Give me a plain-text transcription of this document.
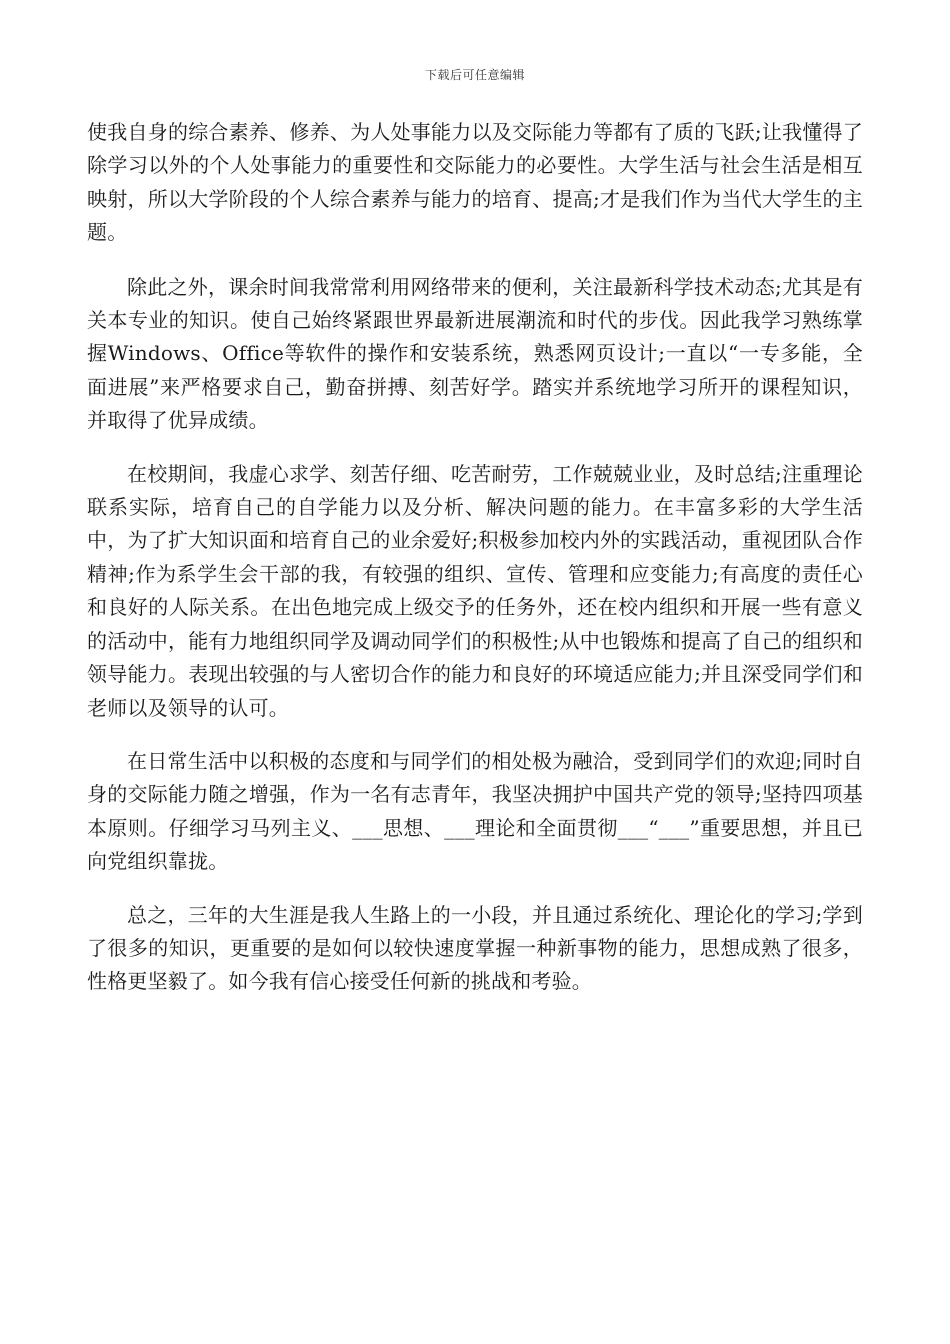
下载后可任意编辑

使我自身的综合素养、修养、为人处事能力以及交际能力等都有了质的飞跃;让我懂得了除学习以外的个人处事能力的重要性和交际能力的必要性。大学生活与社会生活是相互映射，所以大学阶段的个人综合素养与能力的培育、提高;才是我们作为当代大学生的主题。

除此之外，课余时间我常常利用网络带来的便利，关注最新科学技术动态;尤其是有关本专业的知识。使自己始终紧跟世界最新进展潮流和时代的步伐。因此我学习熟练掌握Windows、Office等软件的操作和安装系统，熟悉网页设计;一直以“一专多能，全面进展”来严格要求自己，勤奋拼搏、刻苦好学。踏实并系统地学习所开的课程知识，并取得了优异成绩。

在校期间，我虚心求学、刻苦仔细、吃苦耐劳，工作兢兢业业，及时总结;注重理论联系实际，培育自己的自学能力以及分析、解决问题的能力。在丰富多彩的大学生活中，为了扩大知识面和培育自己的业余爱好;积极参加校内外的实践活动，重视团队合作精神;作为系学生会干部的我，有较强的组织、宣传、管理和应变能力;有高度的责任心和良好的人际关系。在出色地完成上级交予的任务外，还在校内组织和开展一些有意义的活动中，能有力地组织同学及调动同学们的积极性;从中也锻炼和提高了自己的组织和领导能力。表现出较强的与人密切合作的能力和良好的环境适应能力;并且深受同学们和老师以及领导的认可。

在日常生活中以积极的态度和与同学们的相处极为融洽，受到同学们的欢迎;同时自身的交际能力随之增强，作为一名有志青年，我坚决拥护中国共产党的领导;坚持四项基本原则。仔细学习马列主义、___思想、___理论和全面贯彻___“___”重要思想，并且已向党组织靠拢。

总之，三年的大生涯是我人生路上的一小段，并且通过系统化、理论化的学习;学到了很多的知识，更重要的是如何以较快速度掌握一种新事物的能力，思想成熟了很多，性格更坚毅了。如今我有信心接受任何新的挑战和考验。
